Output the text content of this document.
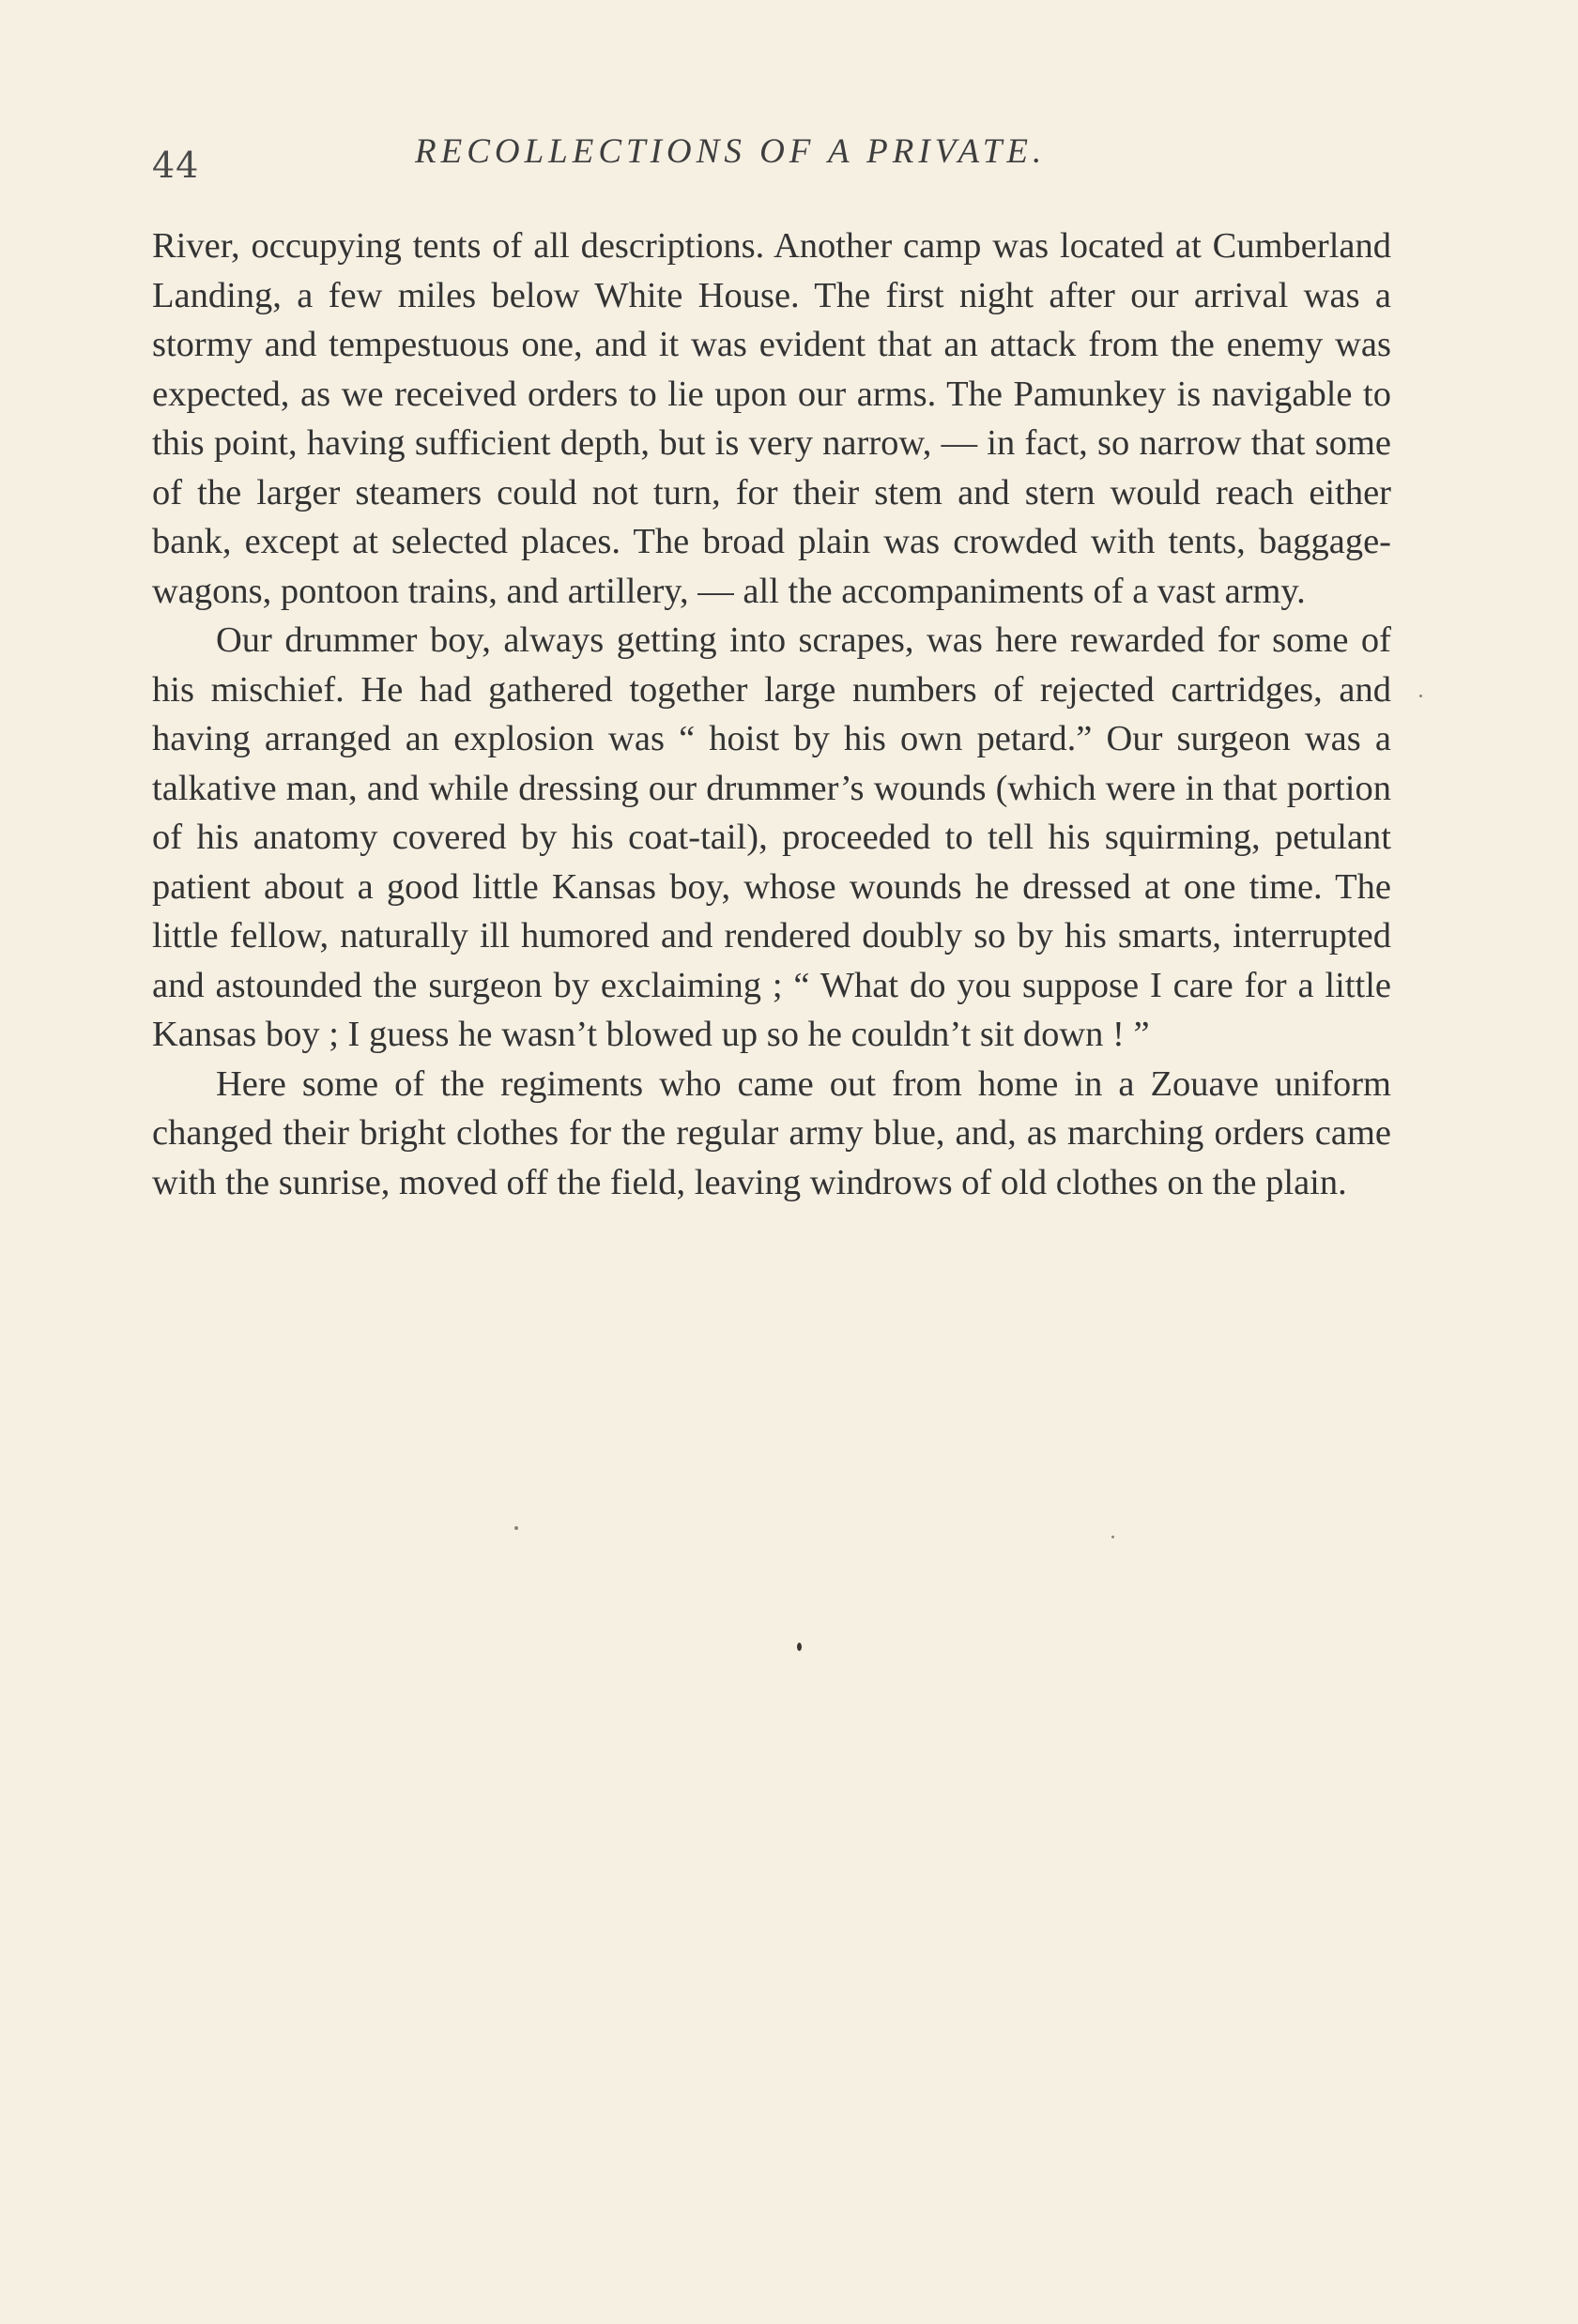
44	RECOLLECTIONS OF A PRIVATE.

River, occupying tents of all descriptions. Another camp was located at Cumberland Landing, a few miles below White House. The first night after our arrival was a stormy and tempestuous one, and it was evident that an attack from the enemy was expected, as we received orders to lie upon our arms. The Pamunkey is navigable to this point, having sufficient depth, but is very narrow, — in fact, so narrow that some of the larger steamers could not turn, for their stem and stern would reach either bank, except at selected places. The broad plain was crowded with tents, baggage-wagons, pontoon trains, and artillery, — all the accompaniments of a vast army.

Our drummer boy, always getting into scrapes, was here rewarded for some of his mischief. He had gathered together large numbers of rejected cartridges, and having arranged an explosion was “ hoist by his own petard.” Our surgeon was a talkative man, and while dressing our drummer’s wounds (which were in that portion of his anatomy covered by his coat-tail), proceeded to tell his squirming, petulant patient about a good little Kansas boy, whose wounds he dressed at one time. The little fellow, naturally ill humored and rendered doubly so by his smarts, interrupted and astounded the surgeon by exclaiming ; “ What do you suppose I care for a little Kansas boy ; I guess he wasn’t blowed up so he couldn’t sit down ! ”

Here some of the regiments who came out from home in a Zouave uniform changed their bright clothes for the regular army blue, and, as marching orders came with the sunrise, moved off the field, leaving windrows of old clothes on the plain.
